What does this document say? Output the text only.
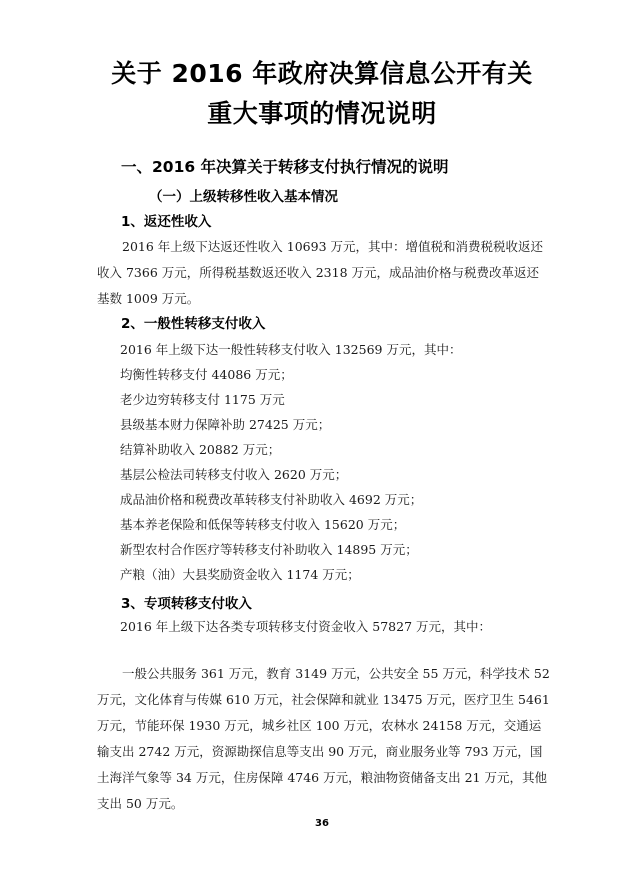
关于 2016 年政府决算信息公开有关
重大事项的情况说明
一、2016 年决算关于转移支付执行情况的说明
（一）上级转移性收入基本情况
1、返还性收入
2016 年上级下达返还性收入 10693 万元，其中：增值税和消费税税收返还收入 7366 万元，所得税基数返还收入 2318 万元，成品油价格与税费改革返还基数 1009 万元。
2、一般性转移支付收入
2016 年上级下达一般性转移支付收入 132569 万元，其中：
均衡性转移支付 44086 万元；
老少边穷转移支付 1175 万元
县级基本财力保障补助 27425 万元；
结算补助收入 20882 万元；
基层公检法司转移支付收入 2620 万元；
成品油价格和税费改革转移支付补助收入 4692 万元；
基本养老保险和低保等转移支付收入 15620 万元；
新型农村合作医疗等转移支付补助收入 14895 万元；
产粮（油）大县奖励资金收入 1174 万元；
3、专项转移支付收入
2016 年上级下达各类专项转移支付资金收入 57827 万元，其中：
一般公共服务 361 万元，教育 3149 万元，公共安全 55 万元，科学技术 52 万元，文化体育与传媒 610 万元，社会保障和就业 13475 万元，医疗卫生 5461 万元，节能环保 1930 万元，城乡社区 100 万元，农林水 24158 万元，交通运输支出 2742 万元，资源勘探信息等支出 90 万元，商业服务业等 793 万元，国土海洋气象等 34 万元，住房保障 4746 万元，粮油物资储备支出 21 万元，其他支出 50 万元。
36
